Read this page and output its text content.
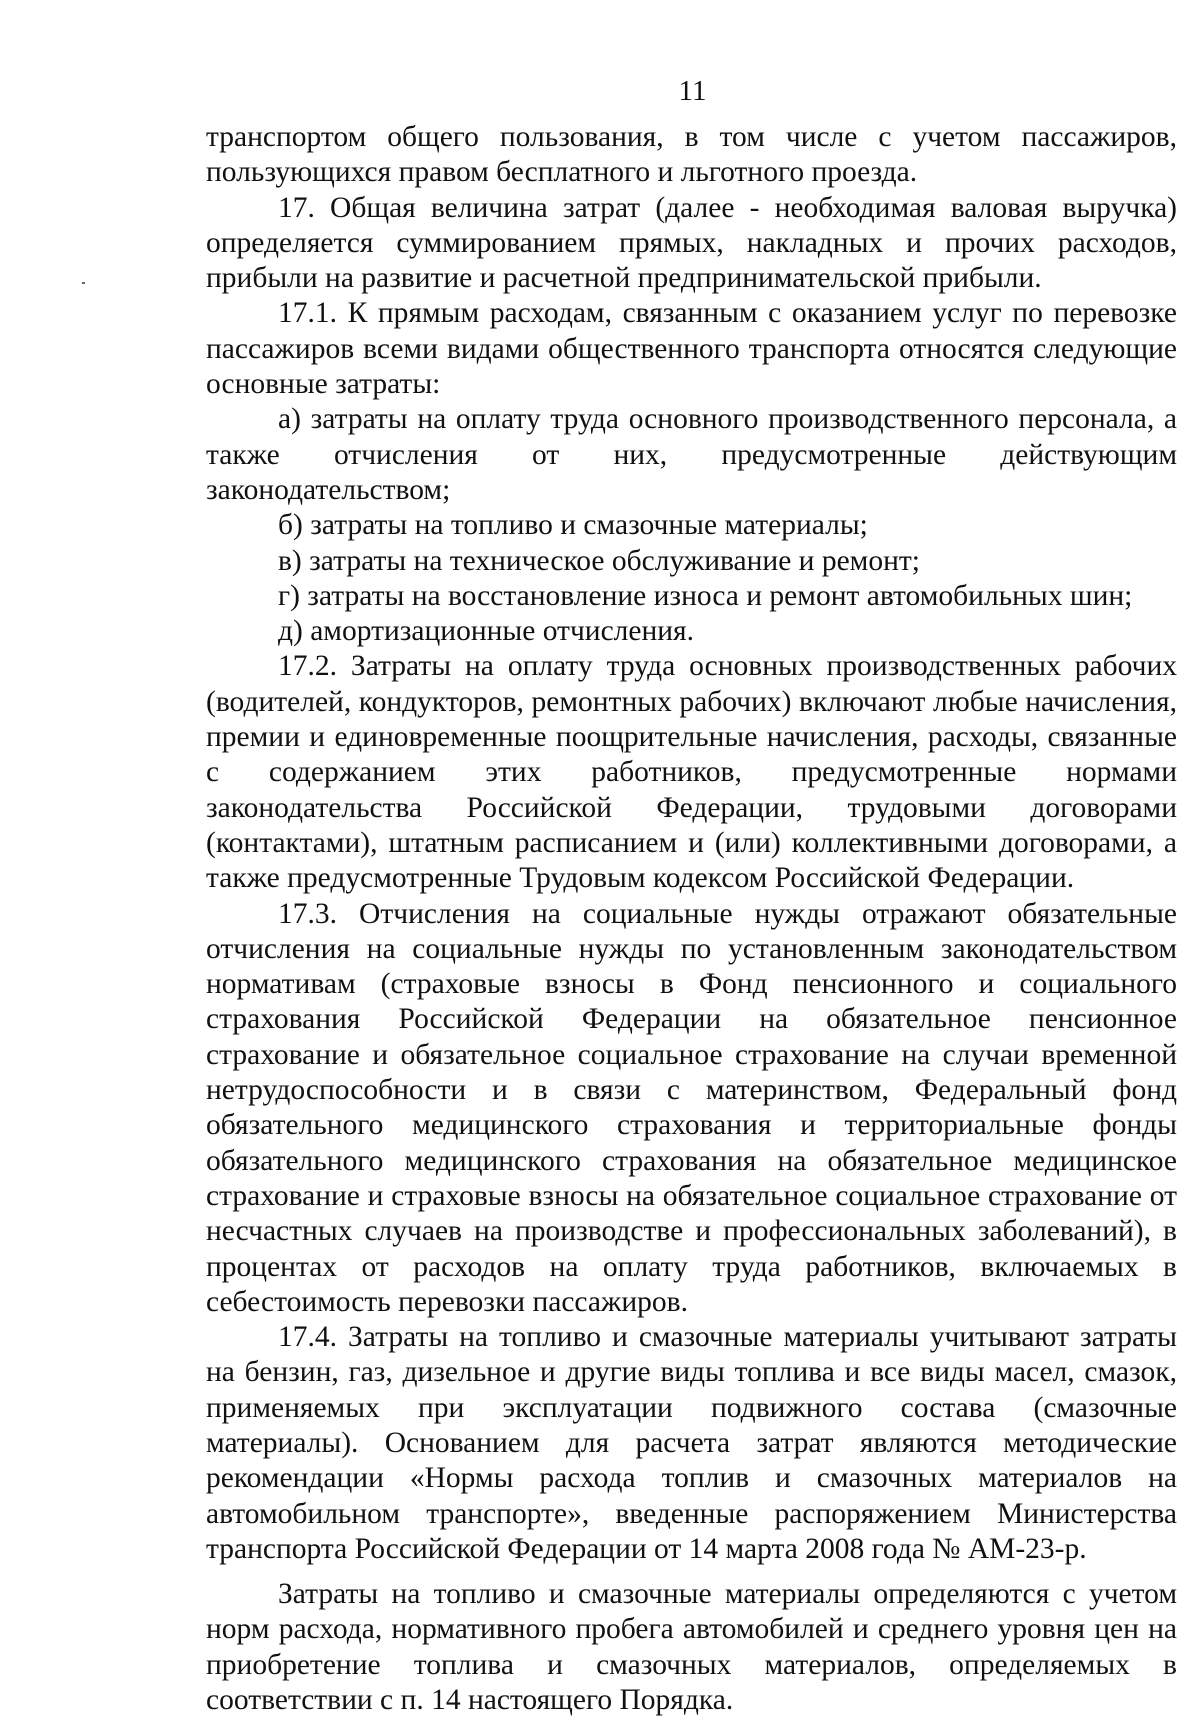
11

транспортом общего пользования, в том числе с учетом пассажиров, пользующихся правом бесплатного и льготного проезда.

17. Общая величина затрат (далее - необходимая валовая выручка) определяется суммированием прямых, накладных и прочих расходов, прибыли на развитие и расчетной предпринимательской прибыли.

17.1. К прямым расходам, связанным с оказанием услуг по перевозке пассажиров всеми видами общественного транспорта относятся следующие основные затраты:

а) затраты на оплату труда основного производственного персонала, а также отчисления от них, предусмотренные действующим законодательством;

б) затраты на топливо и смазочные материалы;

в) затраты на техническое обслуживание и ремонт;

г) затраты на восстановление износа и ремонт автомобильных шин;

д) амортизационные отчисления.

17.2. Затраты на оплату труда основных производственных рабочих (водителей, кондукторов, ремонтных рабочих) включают любые начисления, премии и единовременные поощрительные начисления, расходы, связанные с содержанием этих работников, предусмотренные нормами законодательства Российской Федерации, трудовыми договорами (контактами), штатным расписанием и (или) коллективными договорами, а также предусмотренные Трудовым кодексом Российской Федерации.

17.3. Отчисления на социальные нужды отражают обязательные отчисления на социальные нужды по установленным законодательством нормативам (страховые взносы в Фонд пенсионного и социального страхования Российской Федерации на обязательное пенсионное страхование и обязательное социальное страхование на случаи временной нетрудоспособности и в связи с материнством, Федеральный фонд обязательного медицинского страхования и территориальные фонды обязательного медицинского страхования на обязательное медицинское страхование и страховые взносы на обязательное социальное страхование от несчастных случаев на производстве и профессиональных заболеваний), в процентах от расходов на оплату труда работников, включаемых в себестоимость перевозки пассажиров.

17.4. Затраты на топливо и смазочные материалы учитывают затраты на бензин, газ, дизельное и другие виды топлива и все виды масел, смазок, применяемых при эксплуатации подвижного состава (смазочные материалы). Основанием для расчета затрат являются методические рекомендации «Нормы расхода топлив и смазочных материалов на автомобильном транспорте», введенные распоряжением Министерства транспорта Российской Федерации от 14 марта 2008 года № АМ-23-р.

Затраты на топливо и смазочные материалы определяются с учетом норм расхода, нормативного пробега автомобилей и среднего уровня цен на приобретение топлива и смазочных материалов, определяемых в соответствии с п. 14 настоящего Порядка.
